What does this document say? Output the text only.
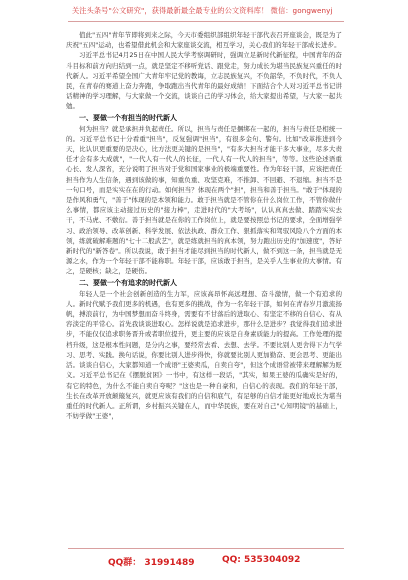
关注头条号"公文研究"，获得最新最全最专业的公文资料库！ 微信：gongwenyj

值此"五四"青年节即将到来之际，今天市委组织部组织年轻干部代表召开座谈会，既是为了庆祝"五四"运动，也希望借此机会和大家座谈交流，相互学习，关心我们的年轻干部成长进步。

习近平总书记4月25日在中国人民大学考察调研时，强调立足新时代新征程，中国青年的奋斗目标和前方向归结到一点，就是坚定不移听党话、跟党走，努力成长为堪当民族复兴重任的时代新人。习近平希望全国广大青年牢记党的教诲，立志民族复兴，不负韶华，不负时代，不负人民，在青春的赛道上奋力奔跑，争取跑出当代青年的最好成绩！下面结合个人对习近平总书记讲话精神的学习理解，与大家做一个交流，谈谈自己的学习体会，给大家提出希望，与大家一起共勉。

一、要做一个有担当的时代新人

何为担当？就是承担并负起责任。所以，担当与责任是捆绑在一起的，担当与责任是相统一的。习近平总书记十分看重"担当"，反复强调"担当"，有很多金句、警句。比如"改革推进到今天，比认识更重要的是决心，比方法更关键的是担当"，"有多大担当才能干多大事业，尽多大责任才会有多大成就"，"一代人有一代人的长征，一代人有一代人的担当"，等等。这些论述语重心长、发人深省，充分说明了担当对于党和国家事业的极端重要性。作为年轻干部，应该把责任担当作为人生信条，遇到该做的事，知重负重、攻坚克难，不推卸、不回避、不退缩。担当不是一句口号，而是实实在在的行动。如何担当？体现在两个"担"，担当和善于担当。"敢于"体现的是作风和勇气，"善于"体现的是本领和能力。敢于担当就是不管你在什么岗位工作，不管你做什么事情，都应该主动接过历史的"接力棒"，走进时代的"大考场"，认认真真去做、踏踏实实去干，不马虎、不敷衍。善于担当就是在你的工作岗位上，就是要按照总书记的要求，全面增强学习、政治领导、改革创新、科学发展、依法执政、群众工作、狠抓落实和驾驭风险八个方面的本领，练就破解难题的"七十二般武艺"，就是练就担当的真本领，努力跑出历史的"加速度"，答好新时代的"新答卷"。所以我说，敢于担当才能尽到担当的时代新人，做不到这一条，担当就是无源之水，作为一个年轻干部不能称职。年轻干部，应该敢于担当，是关乎人生事业的大事情。有之，是硬核；缺之，是硬伤。

二、要做一个有追求的时代新人

年轻人是一个社会创新创造的生力军，应该高昂怀高远理想、奋斗激情，做一个有追求的人。新时代赋予我们更多的机遇，也有更多的挑战，作为一名年轻干部，如何在青春岁月激流扬帆，搏浪前行，为中国梦想而奋斗终身，需要有不甘落后的进取心、有坚定不移的自信心、有从容淡定的平常心。首先我谈谈进取心。怎样说就是追求进步，那什么是进步？我觉得我们追求进步，不能仅仅追求职务晋升或者职位提升，更主要的应该是自身素质能力的提高。工作处理的提档升级，这是根本性问题，是分内之事，要经常去看、去想、去学。不要比别人更舍得下力气学习、思考、实践。换句话说，你要比别人进步得快，你就要比别人更加勤奋、更会思考、更能出活。谈谈自信心，大家都知道一个成语"王婆卖瓜，自卖自夸"，但这个成语常被带来理解解为贬义。习近平总书记在《摆脱贫困》一书中，有这样一段话，"其实，如果王婆的瓜确实是好的，有它的特色，为什么不能自卖自夸呢？"这也是一种自豪和，自信心的表现。我们的年轻干部，生长在改革开放颠簸复兴，就更应该有我们的自信和底气，有足够的自信才能更好地成长为堪当重任的时代新人。正所谓，乡村振兴关键在人，而中华民族，要在对自己"心知明镜"的基础上，不妨学做"王婆"，

QQ群： 31991489	QQ: 535304092
